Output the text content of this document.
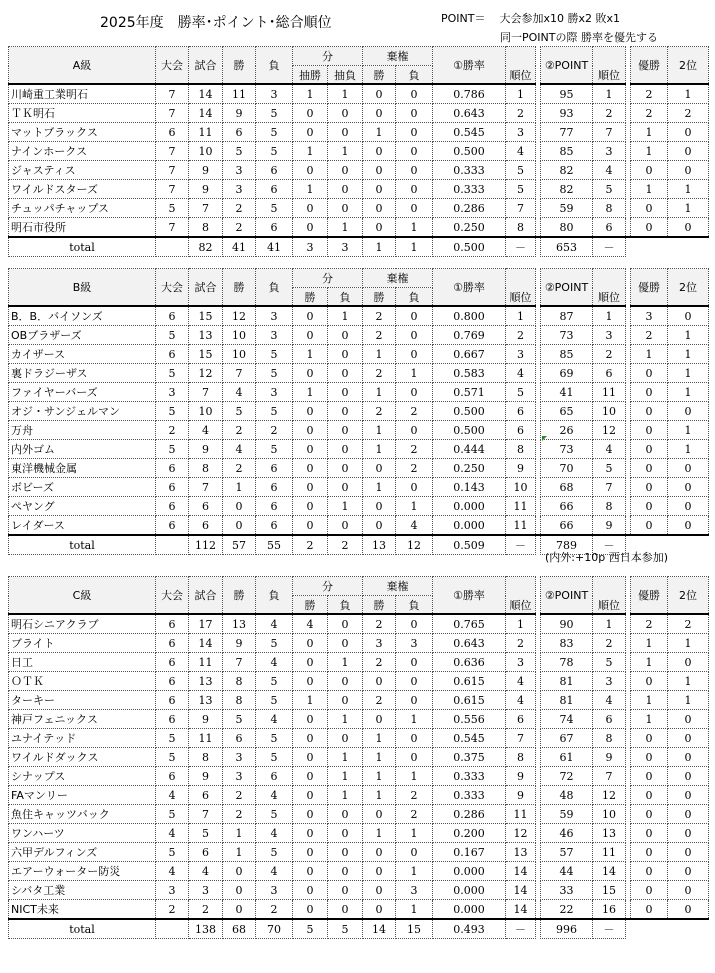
2025年度　勝率･ポイント･総合順位	POINT＝ 大会参加x10 勝x2 敗x1
同一POINTの際 勝率を優先する
A級	大会	試合	勝	負	分		棄権		①勝率	順位		②POINT	順位		優勝	2位
					抽勝	抽負	勝	負								
川崎重工業明石	7	14	11	3	1	1	0	0	0.786	1		95	1		2	1
ＴＫ明石	7	14	9	5	0	0	0	0	0.643	2		93	2		2	2
マットブラックス	6	11	6	5	0	0	1	0	0.545	3		77	7		1	0
ナインホークス	7	10	5	5	1	1	0	0	0.500	4		85	3		1	0
ジャスティス	7	9	3	6	0	0	0	0	0.333	5		82	4		0	0
ワイルドスターズ	7	9	3	6	1	0	0	0	0.333	5		82	5		1	1
チュッパチャップス	5	7	2	5	0	0	0	0	0.286	7		59	8		0	1
明石市役所	7	8	2	6	0	1	0	1	0.250	8		80	6		0	0
total		82	41	41	3	3	1	1	0.500	－		653	－			
B級	大会	試合	勝	負	分		棄権		①勝率	順位		②POINT	順位		優勝	2位
					勝	負	勝	負								
B．B．バイソンズ	6	15	12	3	0	1	2	0	0.800	1		87	1		3	0
OBブラザーズ	5	13	10	3	0	0	2	0	0.769	2		73	3		2	1
カイザース	6	15	10	5	1	0	1	0	0.667	3		85	2		1	1
裏ドラジーザス	5	12	7	5	0	0	2	1	0.583	4		69	6		0	1
ファイヤーバーズ	3	7	4	3	1	0	1	0	0.571	5		41	11		0	1
オジ・サンジェルマン	5	10	5	5	0	0	2	2	0.500	6		65	10		0	0
万舟	2	4	2	2	0	0	1	0	0.500	6		26	12		0	1
内外ゴム	5	9	4	5	0	0	1	2	0.444	8		73	4		0	1
東洋機械金属	6	8	2	6	0	0	0	2	0.250	9		70	5		0	0
ボビーズ	6	7	1	6	0	0	1	0	0.143	10		68	7		0	0
ぺヤング	6	6	0	6	0	1	0	1	0.000	11		66	8		0	0
レイダース	6	6	0	6	0	0	0	4	0.000	11		66	9		0	0
total		112	57	55	2	2	13	12	0.509	－		789	－			
(内外:+10p 西日本参加)
C級	大会	試合	勝	負	分		棄権		①勝率	順位		②POINT	順位		優勝	2位
					勝	負	勝	負								
明石シニアクラブ	6	17	13	4	4	0	2	0	0.765	1		90	1		2	2
ブライト	6	14	9	5	0	0	3	3	0.643	2		83	2		1	1
日工	6	11	7	4	0	1	2	0	0.636	3		78	5		1	0
ＯＴＫ	6	13	8	5	0	0	0	0	0.615	4		81	3		0	1
ターキー	6	13	8	5	1	0	2	0	0.615	4		81	4		1	1
神戸フェニックス	6	9	5	4	0	1	0	1	0.556	6		74	6		1	0
ユナイテッド	5	11	6	5	0	0	1	0	0.545	7		67	8		0	0
ワイルドダックス	5	8	3	5	0	1	1	0	0.375	8		61	9		0	0
シナップス	6	9	3	6	0	1	1	1	0.333	9		72	7		0	0
FAマンリー	4	6	2	4	0	1	1	2	0.333	9		48	12		0	0
魚住キャッツバック	5	7	2	5	0	0	0	2	0.286	11		59	10		0	0
ワンハーツ	4	5	1	4	0	0	1	1	0.200	12		46	13		0	0
六甲デルフィンズ	5	6	1	5	0	0	0	0	0.167	13		57	11		0	0
エアーウォーター防災	4	4	0	4	0	0	0	1	0.000	14		44	14		0	0
シバタ工業	3	3	0	3	0	0	0	3	0.000	14		33	15		0	0
NICT未来	2	2	0	2	0	0	0	1	0.000	14		22	16		0	0
total		138	68	70	5	5	14	15	0.493	－		996	－			
